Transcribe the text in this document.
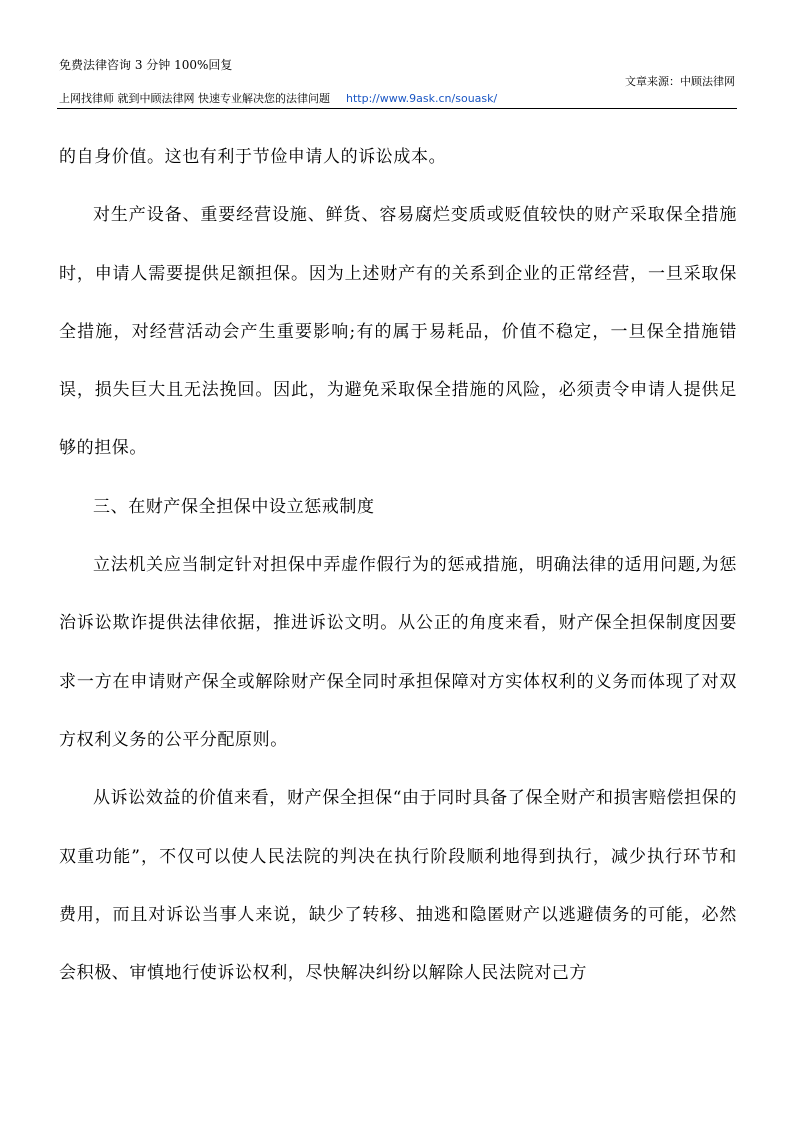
免费法律咨询 3 分钟 100%回复
文章来源：中顾法律网
上网找律师 就到中顾法律网 快速专业解决您的法律问题 http://www.9ask.cn/souask/

的自身价值。这也有利于节俭申请人的诉讼成本。

对生产设备、重要经营设施、鲜货、容易腐烂变质或贬值较快的财产采取保全措施时，申请人需要提供足额担保。因为上述财产有的关系到企业的正常经营，一旦采取保全措施，对经营活动会产生重要影响;有的属于易耗品，价值不稳定，一旦保全措施错误，损失巨大且无法挽回。因此，为避免采取保全措施的风险，必须责令申请人提供足够的担保。

三、在财产保全担保中设立惩戒制度

立法机关应当制定针对担保中弄虚作假行为的惩戒措施，明确法律的适用问题,为惩治诉讼欺诈提供法律依据，推进诉讼文明。从公正的角度来看，财产保全担保制度因要求一方在申请财产保全或解除财产保全同时承担保障对方实体权利的义务而体现了对双方权利义务的公平分配原则。

从诉讼效益的价值来看，财产保全担保“由于同时具备了保全财产和损害赔偿担保的双重功能”，不仅可以使人民法院的判决在执行阶段顺利地得到执行，减少执行环节和费用，而且对诉讼当事人来说，缺少了转移、抽逃和隐匿财产以逃避债务的可能，必然会积极、审慎地行使诉讼权利，尽快解决纠纷以解除人民法院对己方
